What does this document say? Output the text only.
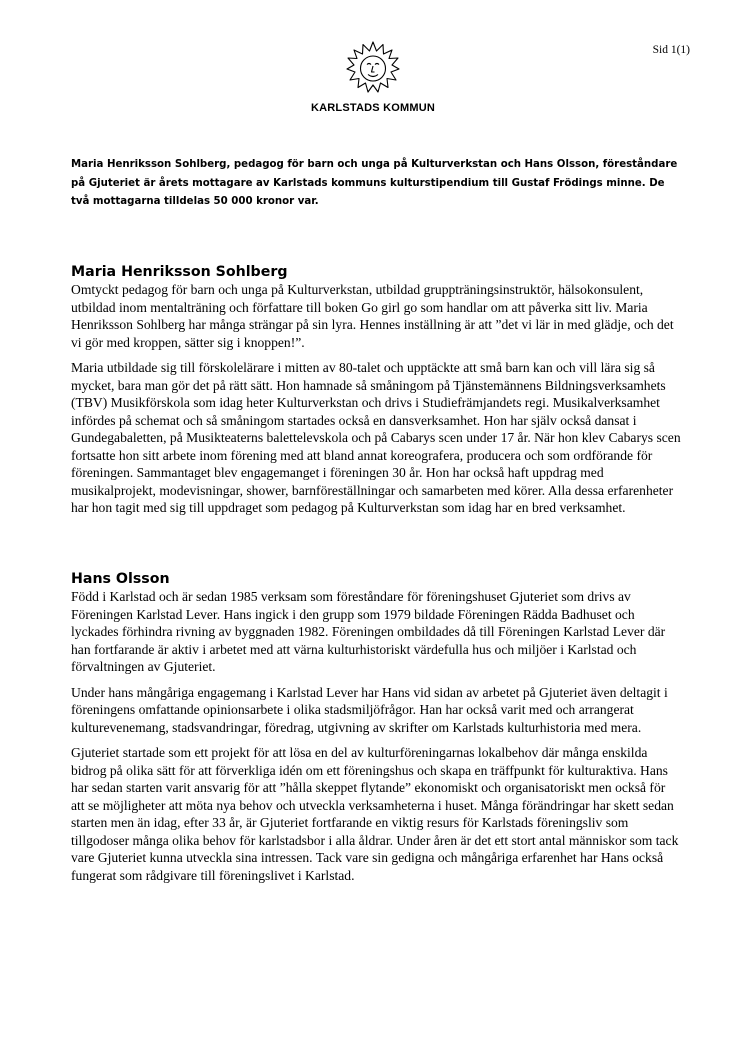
Sid 1(1)
KARLSTADS KOMMUN

Maria Henriksson Sohlberg, pedagog för barn och unga på Kulturverkstan och Hans Olsson, föreståndare på Gjuteriet är årets mottagare av Karlstads kommuns kulturstipendium till Gustaf Frödings minne. De två mottagarna tilldelas 50 000 kronor var.

Maria Henriksson Sohlberg

Omtyckt pedagog för barn och unga på Kulturverkstan, utbildad gruppträningsinstruktör, hälsokonsulent, utbildad inom mentalträning och författare till boken Go girl go som handlar om att påverka sitt liv. Maria Henriksson Sohlberg har många strängar på sin lyra. Hennes inställning är att ”det vi lär in med glädje, och det vi gör med kroppen, sätter sig i knoppen!”.

Maria utbildade sig till förskolelärare i mitten av 80-talet och upptäckte att små barn kan och vill lära sig så mycket, bara man gör det på rätt sätt. Hon hamnade så småningom på Tjänstemännens Bildningsverksamhets (TBV) Musikförskola som idag heter Kulturverkstan och drivs i Studiefrämjandets regi. Musikalverksamhet infördes på schemat och så småningom startades också en dansverksamhet. Hon har själv också dansat i Gundegabaletten, på Musikteaterns balettelevskola och på Cabarys scen under 17 år. När hon klev Cabarys scen fortsatte hon sitt arbete inom förening med att bland annat koreografera, producera och som ordförande för föreningen. Sammantaget blev engagemanget i föreningen 30 år. Hon har också haft uppdrag med musikalprojekt, modevisningar, shower, barnföreställningar och samarbeten med körer. Alla dessa erfarenheter har hon tagit med sig till uppdraget som pedagog på Kulturverkstan som idag har en bred verksamhet.

Hans Olsson

Född i Karlstad och är sedan 1985 verksam som föreståndare för föreningshuset Gjuteriet som drivs av Föreningen Karlstad Lever. Hans ingick i den grupp som 1979 bildade Föreningen Rädda Badhuset och lyckades förhindra rivning av byggnaden 1982. Föreningen ombildades då till Föreningen Karlstad Lever där han fortfarande är aktiv i arbetet med att värna kulturhistoriskt värdefulla hus och miljöer i Karlstad och förvaltningen av Gjuteriet.

Under hans mångåriga engagemang i Karlstad Lever har Hans vid sidan av arbetet på Gjuteriet även deltagit i föreningens omfattande opinionsarbete i olika stadsmiljöfrågor. Han har också varit med och arrangerat kulturevenemang, stadsvandringar, föredrag, utgivning av skrifter om Karlstads kulturhistoria med mera.

Gjuteriet startade som ett projekt för att lösa en del av kulturföreningarnas lokalbehov där många enskilda bidrog på olika sätt för att förverkliga idén om ett föreningshus och skapa en träffpunkt för kulturaktiva. Hans har sedan starten varit ansvarig för att ”hålla skeppet flytande” ekonomiskt och organisatoriskt men också för att se möjligheter att möta nya behov och utveckla verksamheterna i huset. Många förändringar har skett sedan starten men än idag, efter 33 år, är Gjuteriet fortfarande en viktig resurs för Karlstads föreningsliv som tillgodoser många olika behov för karlstadsbor i alla åldrar. Under åren är det ett stort antal människor som tack vare Gjuteriet kunna utveckla sina intressen. Tack vare sin gedigna och mångåriga erfarenhet har Hans också fungerat som rådgivare till föreningslivet i Karlstad.
